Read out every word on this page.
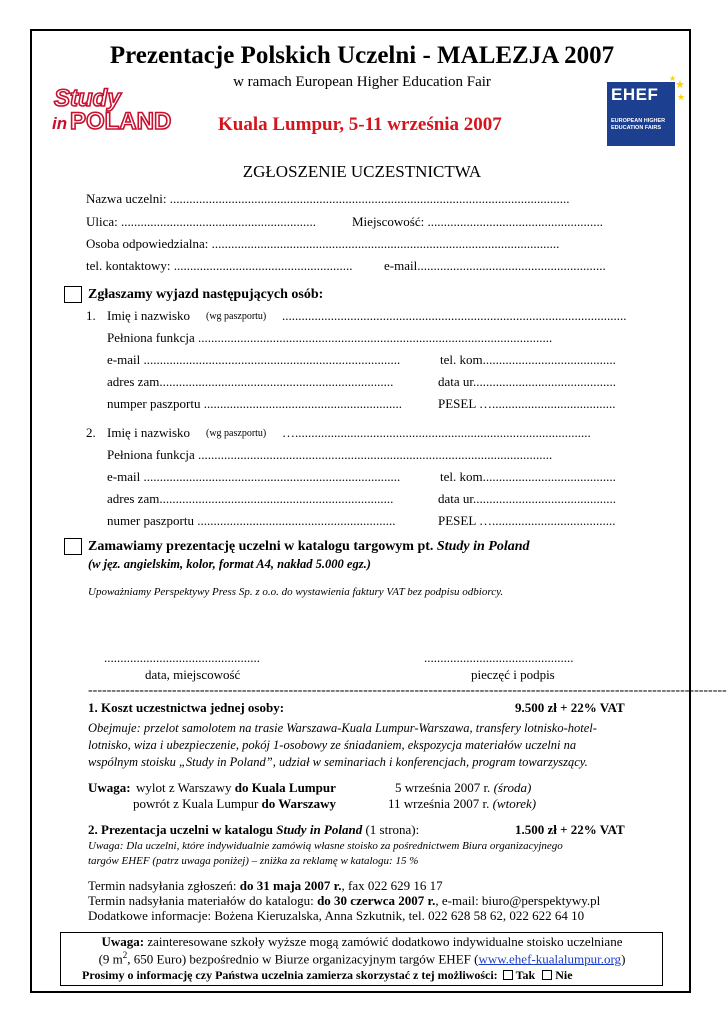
Prezentacje Polskich Uczelni - MALEZJA 2007
w ramach European Higher Education Fair
Study
in POLAND Kuala Lumpur, 5-11 września 2007
EHEF
EUROPEAN HIGHER EDUCATION FAIRS
★
★
★
ZGŁOSZENIE UCZESTNICTWA
Nazwa uczelni: ...........................................................................................................................
Ulica: ............................................................	Miejscowość: ......................................................
Osoba odpowiedzialna: ...........................................................................................................
tel. kontaktowy: ....................................................... e-mail..........................................................
Zgłaszamy wyjazd następujących osób:
1. Imię i nazwisko (wg paszportu) ..........................................................................................................
Pełniona funkcja .............................................................................................................
e-mail ...............................................................................	tel. kom.........................................
adres zam........................................................................	data ur............................................
numper paszportu .............................................................	PESEL …......................................
2. Imię i nazwisko (wg paszportu) …...........................................................................................
Pełniona funkcja .............................................................................................................
e-mail ...............................................................................	tel. kom.........................................
adres zam........................................................................	data ur............................................
numer paszportu .............................................................	PESEL …......................................
Zamawiamy prezentację uczelni w katalogu targowym pt. Study in Poland
(w jęz. angielskim, kolor, format A4, nakład 5.000 egz.)
Upoważniamy Perspektywy Press Sp. z o.o. do wystawienia faktury VAT bez podpisu odbiorcy.
................................................
data, miejscowość
..............................................
pieczęć i podpis
-----------------------------------------------------------------------------------------------------------------------------------------
1. Koszt uczestnictwa jednej osoby:	9.500 zł + 22% VAT
Obejmuje: przelot samolotem na trasie Warszawa-Kuala Lumpur-Warszawa, transfery lotnisko-hotel-
lotnisko, wiza i ubezpieczenie, pokój 1-osobowy ze śniadaniem, ekspozycja materiałów uczelni na
wspólnym stoisku „Study in Poland”, udział w seminariach i konferencjach, program towarzyszący.
Uwaga: wylot z Warszawy do Kuala Lumpur	5 września 2007 r. (środa)
powrót z Kuala Lumpur do Warszawy	11 września 2007 r. (wtorek)
2. Prezentacja uczelni w katalogu Study in Poland (1 strona):	1.500 zł + 22% VAT
Uwaga: Dla uczelni, które indywidualnie zamówią własne stoisko za pośrednictwem Biura organizacyjnego
targów EHEF (patrz uwaga poniżej) – zniżka za reklamę w katalogu: 15 %
Termin nadsyłania zgłoszeń: do 31 maja 2007 r., fax 022 629 16 17
Termin nadsyłania materiałów do katalogu: do 30 czerwca 2007 r., e-mail: biuro@perspektywy.pl
Dodatkowe informacje: Bożena Kieruzalska, Anna Szkutnik, tel. 022 628 58 62, 022 622 64 10
Uwaga: zainteresowane szkoły wyższe mogą zamówić dodatkowo indywidualne stoisko uczelniane
(9 $m^2$, 650 Euro) bezpośrednio w Biurze organizacyjnym targów EHEF (www.ehef-kualalumpur.org)
Prosimy o informację czy Państwa uczelnia zamierza skorzystać z tej możliwości: Tak Nie
